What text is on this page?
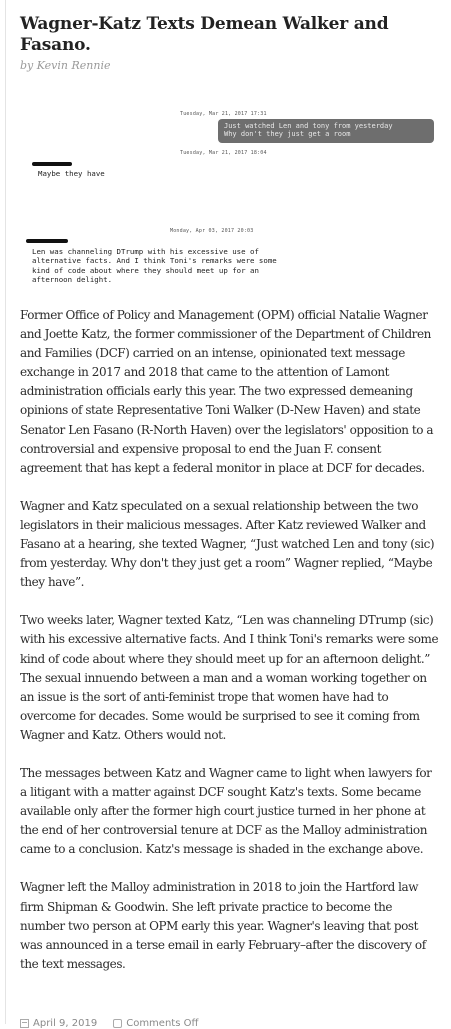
Wagner-Katz Texts Demean Walker and Fasano.
by Kevin Rennie
Tuesday, Mar 21, 2017 17:31
Just watched Len and tony from yesterday
Why don't they just get a room
Tuesday, Mar 21, 2017 18:04
Maybe they have
Monday, Apr 03, 2017 20:03
Len was channeling DTrump with his excessive use of
alternative facts. And I think Toni's remarks were some
kind of code about where they should meet up for an
afternoon delight.

Former Office of Policy and Management (OPM) official Natalie Wagner and Joette Katz, the former commissioner of the Department of Children and Families (DCF) carried on an intense, opinionated text message exchange in 2017 and 2018 that came to the attention of Lamont administration officials early this year. The two expressed demeaning opinions of state Representative Toni Walker (D-New Haven) and state Senator Len Fasano (R-North Haven) over the legislators' opposition to a controversial and expensive proposal to end the Juan F. consent agreement that has kept a federal monitor in place at DCF for decades.

Wagner and Katz speculated on a sexual relationship between the two legislators in their malicious messages. After Katz reviewed Walker and Fasano at a hearing, she texted Wagner, “Just watched Len and tony (sic) from yesterday. Why don't they just get a room” Wagner replied, “Maybe they have”.

Two weeks later, Wagner texted Katz, “Len was channeling DTrump (sic) with his excessive alternative facts. And I think Toni's remarks were some kind of code about where they should meet up for an afternoon delight.” The sexual innuendo between a man and a woman working together on an issue is the sort of anti-feminist trope that women have had to overcome for decades. Some would be surprised to see it coming from Wagner and Katz. Others would not.

The messages between Katz and Wagner came to light when lawyers for a litigant with a matter against DCF sought Katz's texts. Some became available only after the former high court justice turned in her phone at the end of her controversial tenure at DCF as the Malloy administration came to a conclusion. Katz's message is shaded in the exchange above.

Wagner left the Malloy administration in 2018 to join the Hartford law firm Shipman & Goodwin. She left private practice to become the number two person at OPM early this year. Wagner's leaving that post was announced in a terse email in early February–after the discovery of the text messages.

April 9, 2019	Comments Off
